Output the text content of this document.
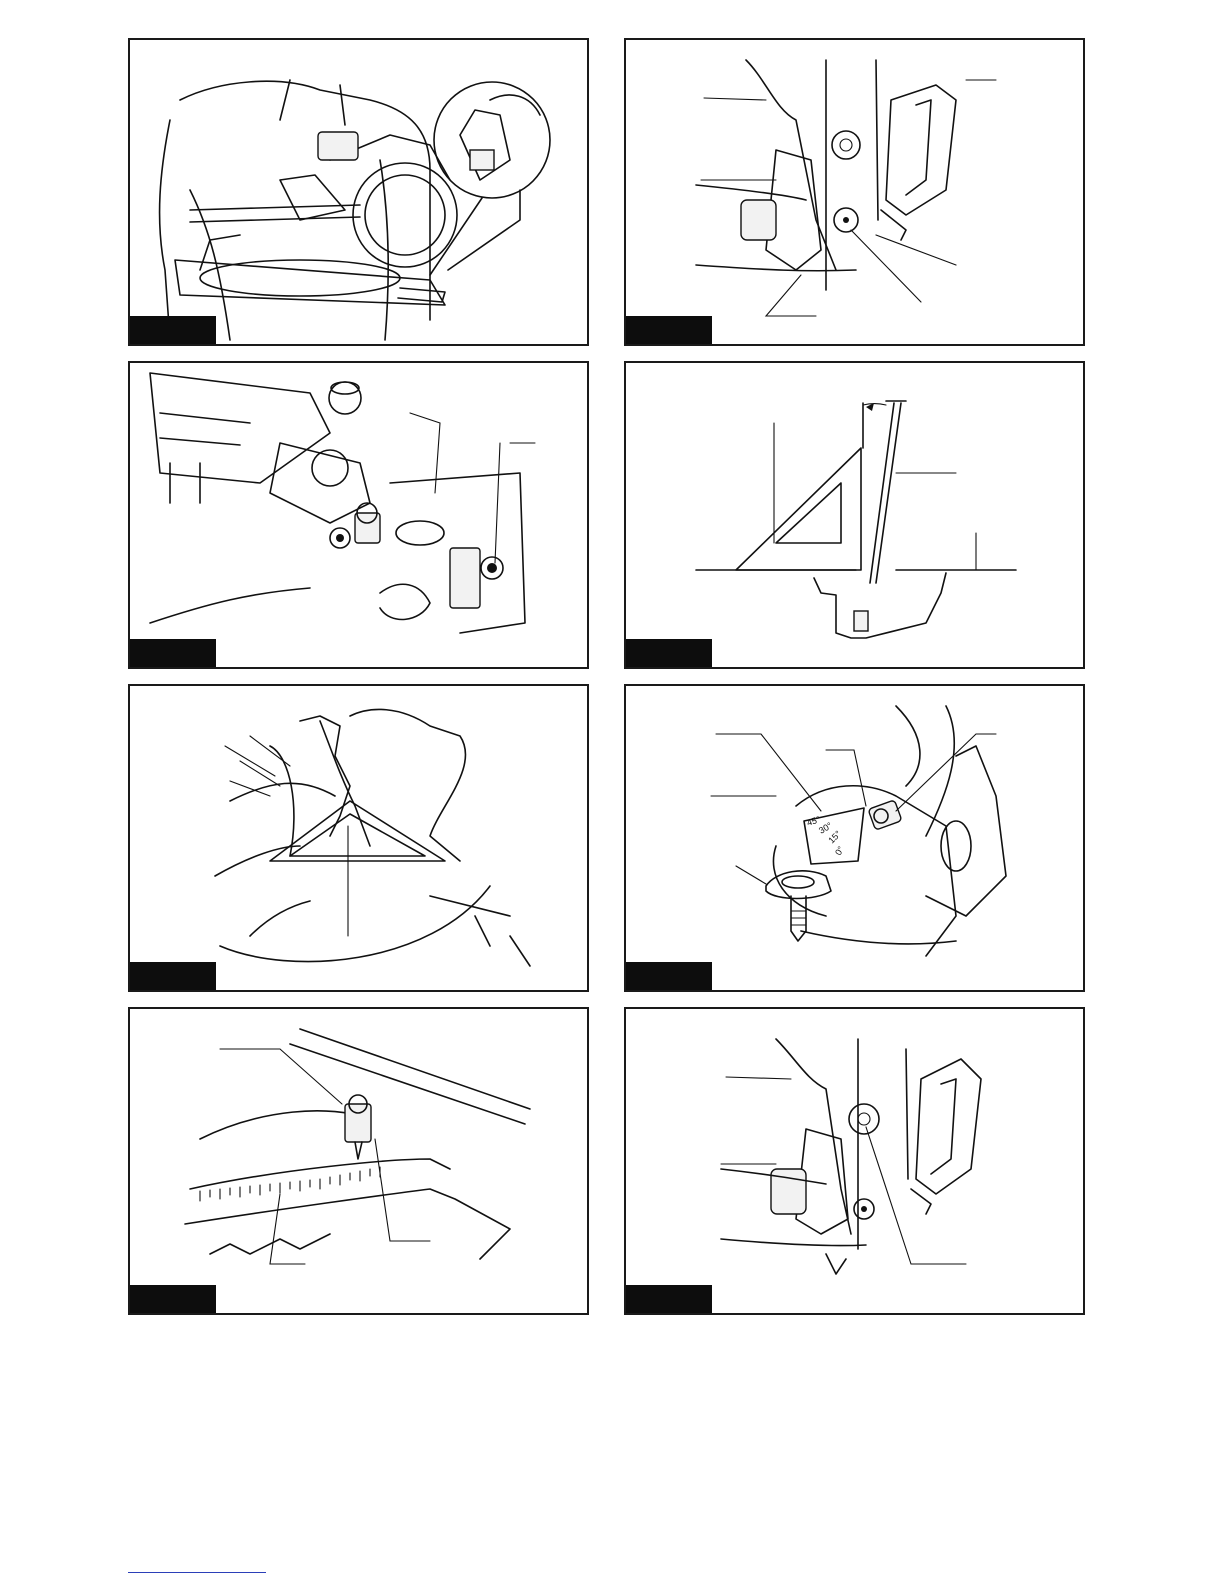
45°
30°
15°
0°
